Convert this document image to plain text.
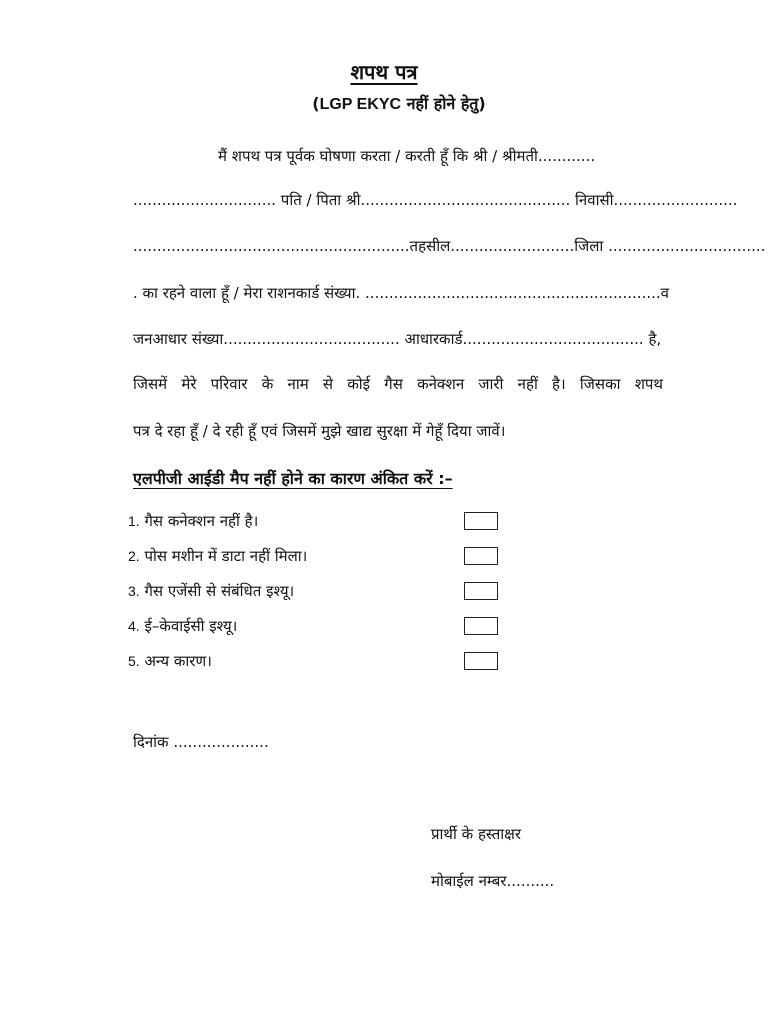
शपथ पत्र
(LGP EKYC नहीं होने हेतु)
मैं शपथ पत्र पूर्वक घोषणा करता / करती हूँ कि श्री / श्रीमती............
.............................. पति / पिता श्री............................................ निवासी..........................
..........................................................तहसील..........................जिला .................................
. का रहने वाला हूँ / मेरा राशनकार्ड संख्या. ..............................................................व
जनआधार संख्या..................................... आधारकार्ड...................................... है,
जिसमें मेरे परिवार के नाम से कोई गैस कनेक्शन जारी नहीं है। जिसका शपथ
पत्र दे रहा हूँ / दे रही हूँ एवं जिसमें मुझे खाद्य सुरक्षा में गेहूँ दिया जावें।
एलपीजी आईडी मैप नहीं होने का कारण अंकित करें :–
1. गैस कनेक्शन नहीं है।
2. पोस मशीन में डाटा नहीं मिला।
3. गैस एजेंसी से संबंधित इश्यू।
4. ई–केवाईसी इश्यू।
5. अन्य कारण।
दिनांक ....................
प्रार्थी के हस्ताक्षर
मोबाईल नम्बर..........
